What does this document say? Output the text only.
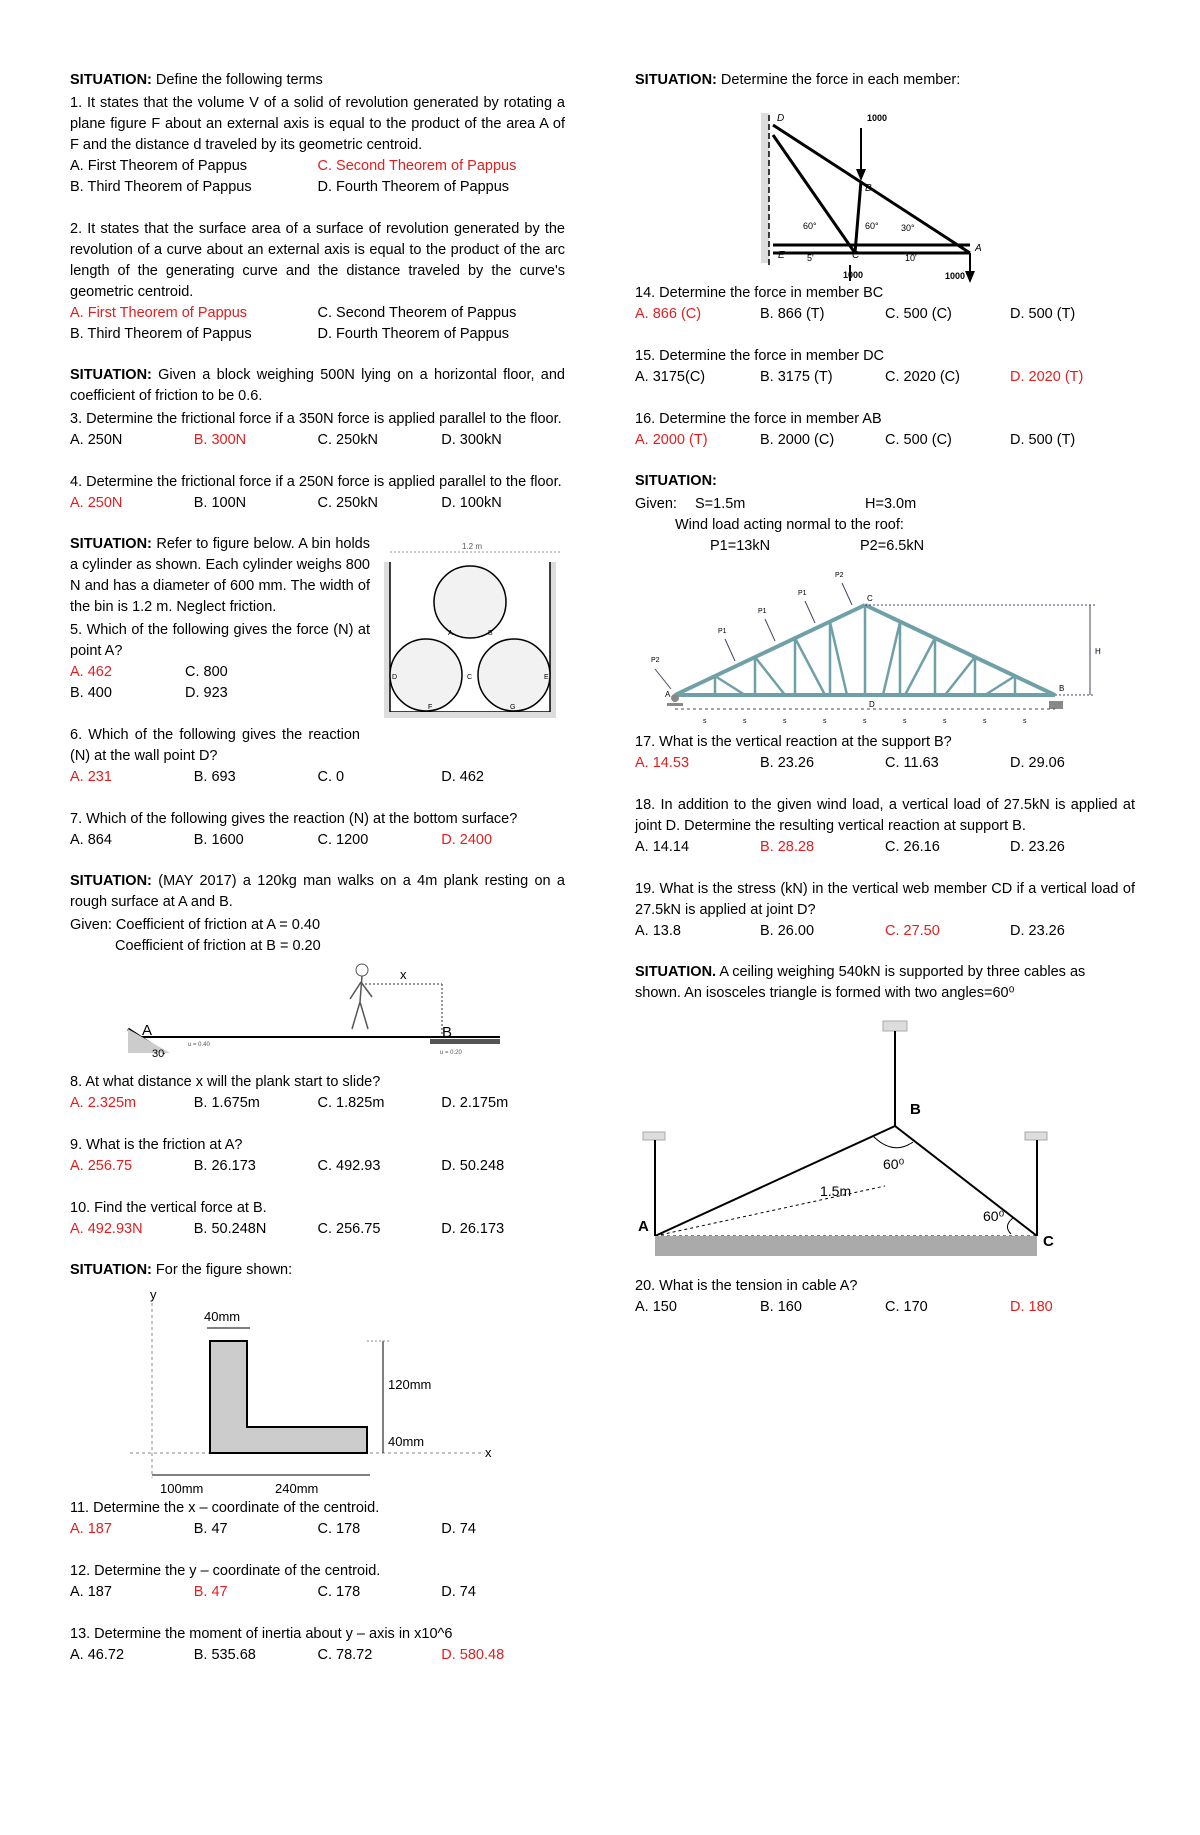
SITUATION: Define the following terms

1. It states that the volume V of a solid of revolution generated by rotating a plane figure F about an external axis is equal to the product of the area A of F and the distance d traveled by its geometric centroid.

A. First Theorem of Pappus	C. Second Theorem of Pappus
B. Third Theorem of Pappus	D. Fourth Theorem of Pappus

2. It states that the surface area of a surface of revolution generated by the revolution of a curve about an external axis is equal to the product of the arc length of the generating curve and the distance traveled by the curve's geometric centroid.

A. First Theorem of Pappus	C. Second Theorem of Pappus
B. Third Theorem of Pappus	D. Fourth Theorem of Pappus

SITUATION: Given a block weighing 500N lying on a horizontal floor, and coefficient of friction to be 0.6.

3. Determine the frictional force if a 350N force is applied parallel to the floor.

A. 250N	B. 300N	C. 250kN	D. 300kN

4. Determine the frictional force if a 250N force is applied parallel to the floor.

A. 250N	B. 100N	C. 250kN	D. 100kN
1.2 m
A	B
C
D	E
F	G

SITUATION: Refer to figure below. A bin holds a cylinder as shown. Each cylinder weighs 800 N and has a diameter of 600 mm. The width of the bin is 1.2 m. Neglect friction.

5. Which of the following gives the force (N) at point A?

A. 462	C. 800
B. 400	D. 923

6. Which of the following gives the reaction (N) at the wall point D?

A. 231	B. 693	C. 0	D. 462

7. Which of the following gives the reaction (N) at the bottom surface?

A. 864	B. 1600	C. 1200	D. 2400

SITUATION: (MAY 2017) a 120kg man walks on a 4m plank resting on a rough surface at A and B.

Given: Coefficient of friction at A = 0.40

Coefficient of friction at B = 0.20

x
A	B
30
u = 0.40
u = 0.20

8. At what distance x will the plank start to slide?

A. 2.325m	B. 1.675m	C. 1.825m	D. 2.175m

9. What is the friction at A?

A. 256.75	B. 26.173	C. 492.93	D. 50.248

10. Find the vertical force at B.

A. 492.93N	B. 50.248N	C. 256.75	D. 26.173

SITUATION: For the figure shown:

y
x
40mm
120mm
40mm
100mm	240mm

11. Determine the x – coordinate of the centroid.

A. 187	B. 47	C. 178	D. 74

12. Determine the y – coordinate of the centroid.

A. 187	B. 47	C. 178	D. 74

13. Determine the moment of inertia about y – axis in x10^6

A. 46.72	B. 535.68	C. 78.72	D. 580.48

SITUATION: Determine the force in each member:

1000
1000	1000
60°	60° 30°
D
B
C
A
E 5'	10'

14. Determine the force in member BC

A. 866 (C)	B. 866 (T)	C. 500 (C)	D. 500 (T)

15. Determine the force in member DC

A. 3175(C)	B. 3175 (T)	C. 2020 (C)	D. 2020 (T)

16. Determine the force in member AB

A. 2000 (T)	B. 2000 (C)	C. 500 (C)	D. 500 (T)

SITUATION:

Given:	S=1.5m	H=3.0m

Wind load acting normal to the roof:

P1=13kN	P2=6.5kN
H
C
D
A
B
P2
P1
P1
P1
P2
s	s	s	s	s	s	s	s	s

17. What is the vertical reaction at the support B?

A. 14.53	B. 23.26	C. 11.63	D. 29.06

18. In addition to the given wind load, a vertical load of 27.5kN is applied at joint D. Determine the resulting vertical reaction at support B.

A. 14.14	B. 28.28	C. 26.16	D. 23.26

19. What is the stress (kN) in the vertical web member CD if a vertical load of 27.5kN is applied at joint D?

A. 13.8	B. 26.00	C. 27.50	D. 23.26

SITUATION. A ceiling weighing 540kN is supported by three cables as shown. An isosceles triangle is formed with two angles=60⁰

A
B
C
60⁰
60⁰
1.5m

20. What is the tension in cable A?

A. 150	B. 160	C. 170	D. 180
